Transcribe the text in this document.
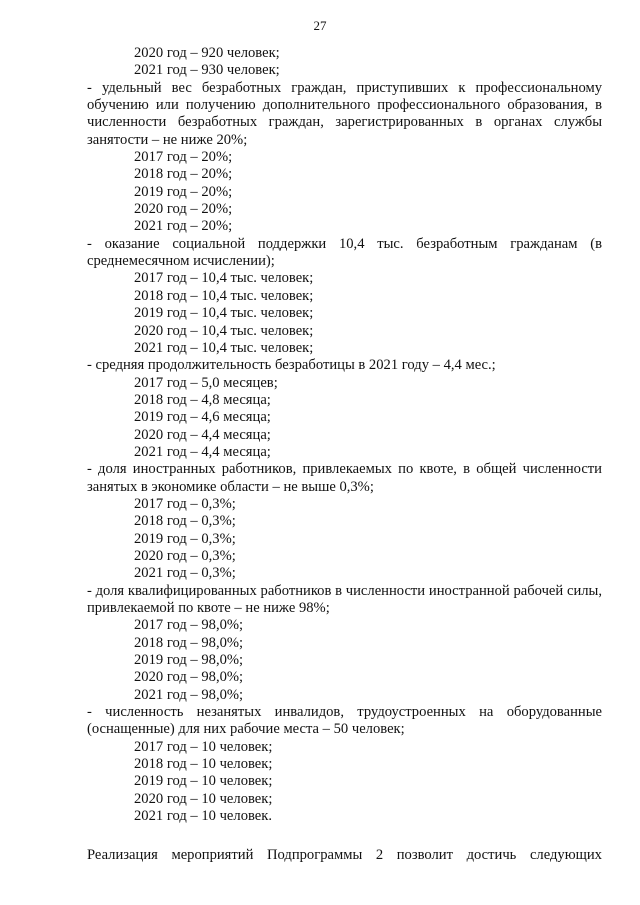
27
2020 год – 920 человек;
2021 год – 930 человек;
- удельный вес безработных граждан, приступивших к профессиональному обучению или получению дополнительного профессионального образования, в численности безработных граждан, зарегистрированных в органах службы занятости – не ниже 20%;
2017 год – 20%;
2018 год – 20%;
2019 год – 20%;
2020 год – 20%;
2021 год – 20%;
- оказание социальной поддержки 10,4 тыс. безработным гражданам (в среднемесячном исчислении);
2017 год – 10,4 тыс. человек;
2018 год – 10,4 тыс. человек;
2019 год – 10,4 тыс. человек;
2020 год – 10,4 тыс. человек;
2021 год – 10,4 тыс. человек;
- средняя продолжительность безработицы в 2021 году – 4,4 мес.;
2017 год – 5,0 месяцев;
2018 год – 4,8 месяца;
2019 год – 4,6 месяца;
2020 год – 4,4 месяца;
2021 год – 4,4 месяца;
- доля иностранных работников, привлекаемых по квоте, в общей численности занятых в экономике области – не выше 0,3%;
2017 год – 0,3%;
2018 год – 0,3%;
2019 год – 0,3%;
2020 год – 0,3%;
2021 год – 0,3%;
- доля квалифицированных работников в численности иностранной рабочей силы, привлекаемой по квоте – не ниже 98%;
2017 год – 98,0%;
2018 год – 98,0%;
2019 год – 98,0%;
2020 год – 98,0%;
2021 год – 98,0%;
- численность незанятых инвалидов, трудоустроенных на оборудованные (оснащенные) для них рабочие места – 50 человек;
2017 год – 10 человек;
2018 год – 10 человек;
2019 год – 10 человек;
2020 год – 10 человек;
2021 год – 10 человек.
Реализация мероприятий Подпрограммы 2 позволит достичь следующих
